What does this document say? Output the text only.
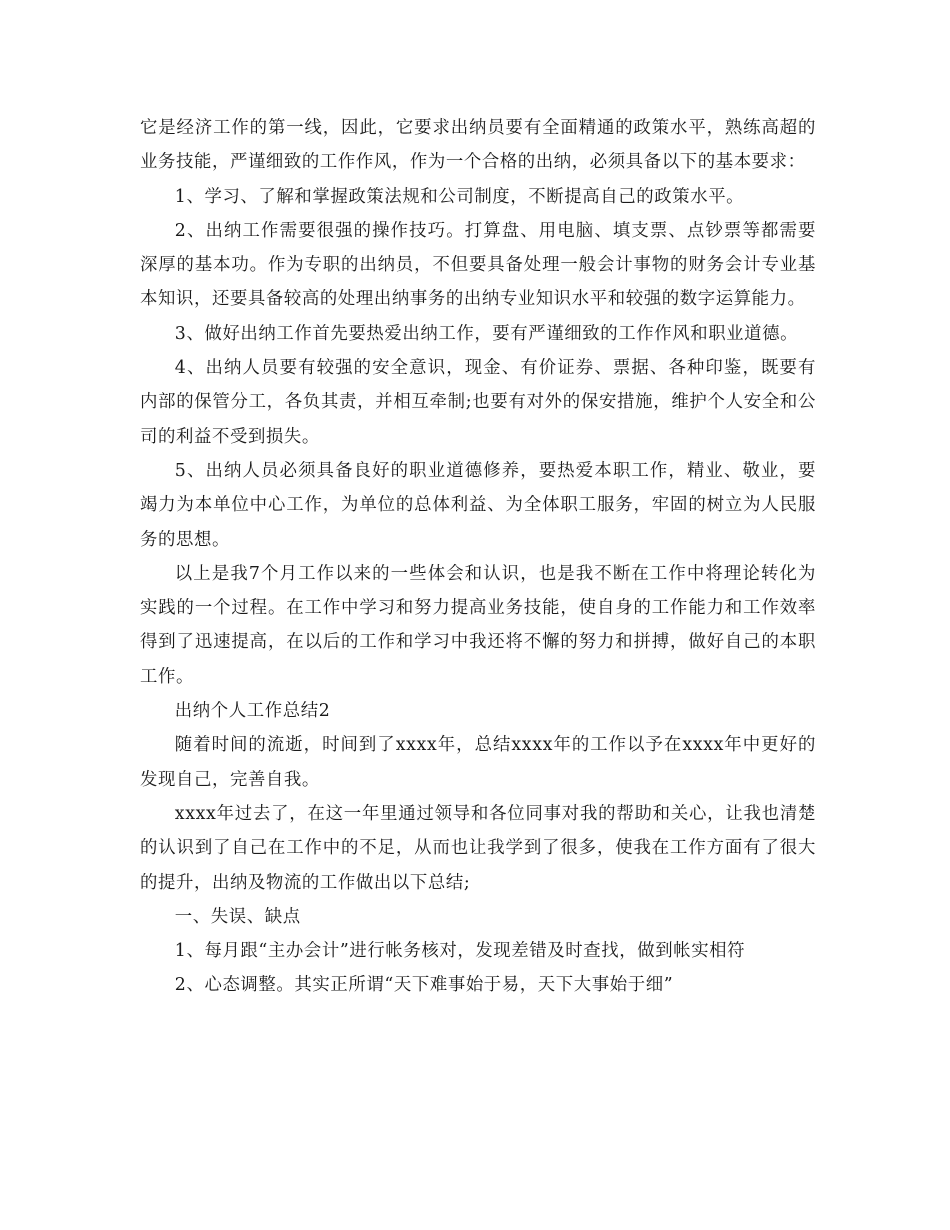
它是经济工作的第一线，因此，它要求出纳员要有全面精通的政策水平，熟练高超的业务技能，严谨细致的工作作风，作为一个合格的出纳，必须具备以下的基本要求：

1、学习、了解和掌握政策法规和公司制度，不断提高自己的政策水平。

2、出纳工作需要很强的操作技巧。打算盘、用电脑、填支票、点钞票等都需要深厚的基本功。作为专职的出纳员，不但要具备处理一般会计事物的财务会计专业基本知识，还要具备较高的处理出纳事务的出纳专业知识水平和较强的数字运算能力。

3、做好出纳工作首先要热爱出纳工作，要有严谨细致的工作作风和职业道德。

4、出纳人员要有较强的安全意识，现金、有价证券、票据、各种印鉴，既要有内部的保管分工，各负其责，并相互牵制;也要有对外的保安措施，维护个人安全和公司的利益不受到损失。

5、出纳人员必须具备良好的职业道德修养，要热爱本职工作，精业、敬业，要竭力为本单位中心工作，为单位的总体利益、为全体职工服务，牢固的树立为人民服务的思想。

以上是我7个月工作以来的一些体会和认识，也是我不断在工作中将理论转化为实践的一个过程。在工作中学习和努力提高业务技能，使自身的工作能力和工作效率得到了迅速提高，在以后的工作和学习中我还将不懈的努力和拼搏，做好自己的本职工作。

出纳个人工作总结2

随着时间的流逝，时间到了xxxx年，总结xxxx年的工作以予在xxxx年中更好的发现自己，完善自我。

xxxx年过去了，在这一年里通过领导和各位同事对我的帮助和关心，让我也清楚的认识到了自己在工作中的不足，从而也让我学到了很多，使我在工作方面有了很大的提升，出纳及物流的工作做出以下总结;

一、失误、缺点

1、每月跟“主办会计”进行帐务核对，发现差错及时查找，做到帐实相符

2、心态调整。其实正所谓“天下难事始于易，天下大事始于细”
